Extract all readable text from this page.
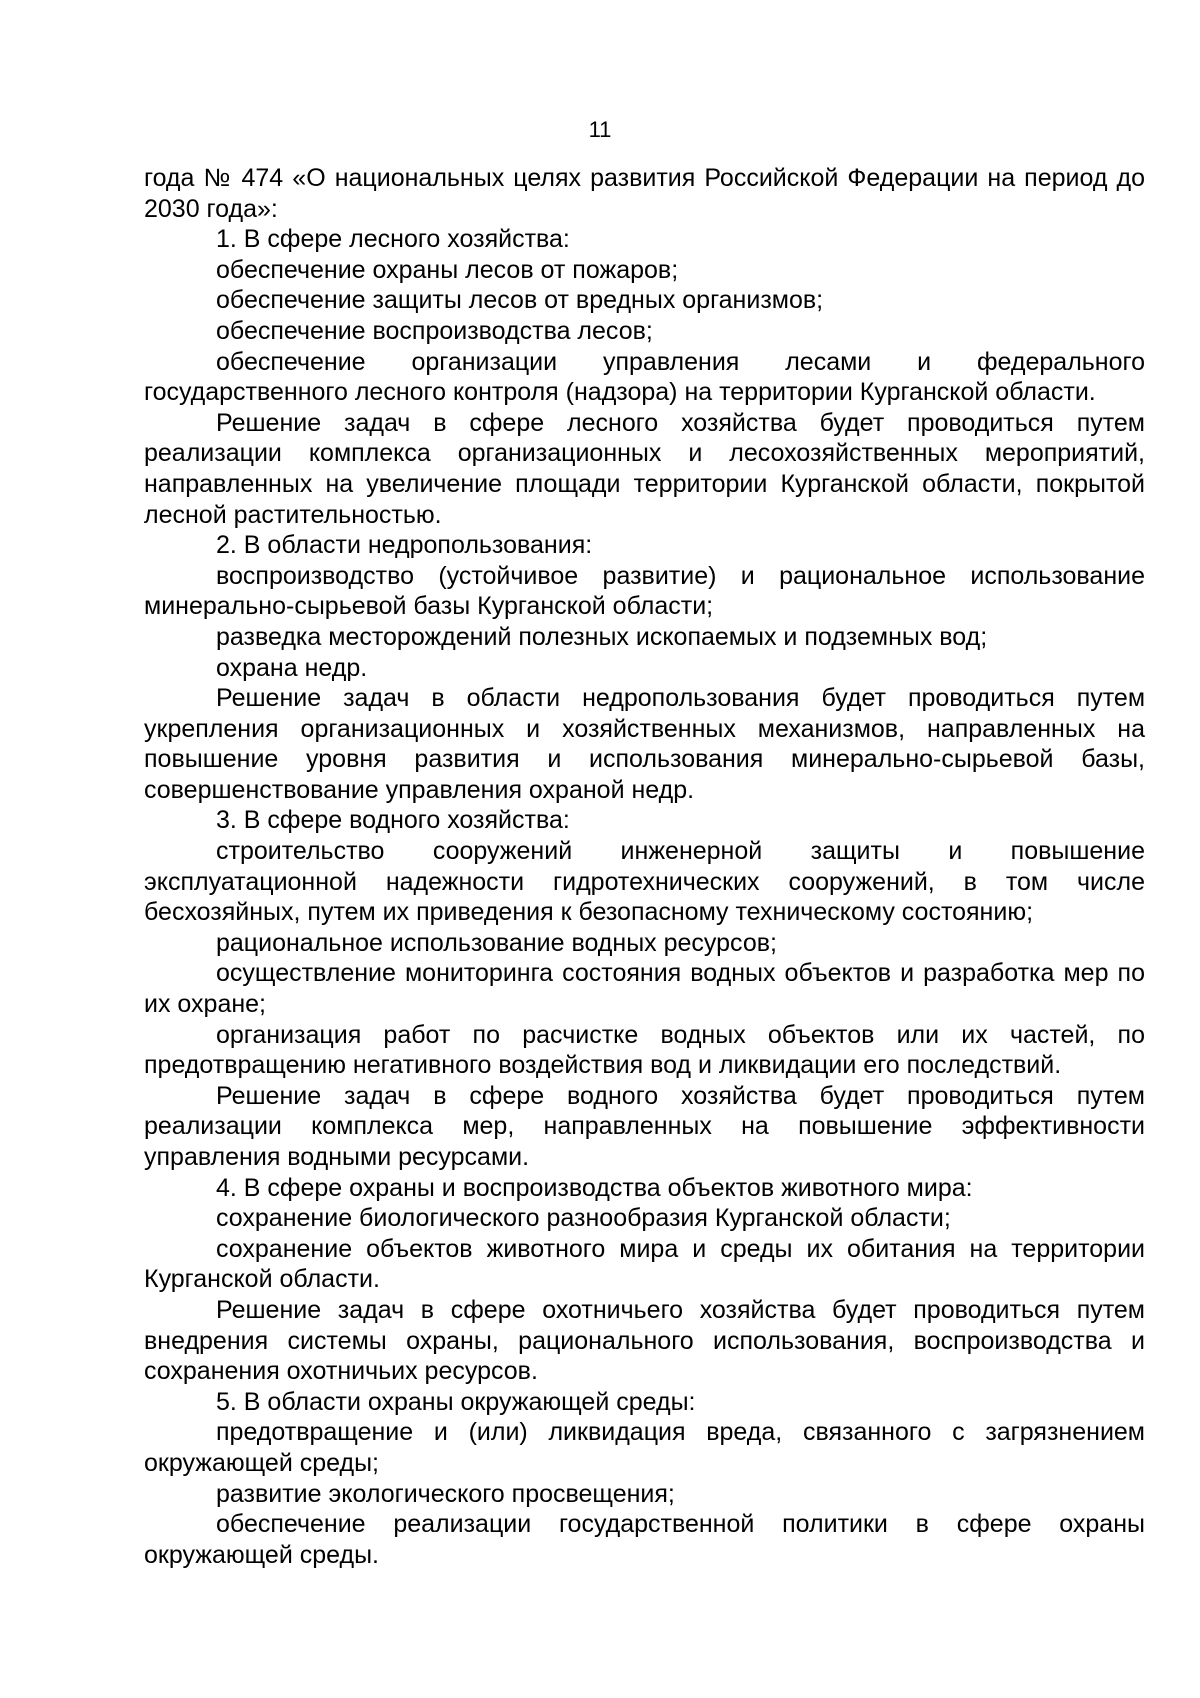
11

года № 474 «О национальных целях развития Российской Федерации на период до 2030 года»:

1. В сфере лесного хозяйства:

обеспечение охраны лесов от пожаров;

обеспечение защиты лесов от вредных организмов;

обеспечение воспроизводства лесов;

обеспечение организации управления лесами и федерального государственного лесного контроля (надзора) на территории Курганской области.

Решение задач в сфере лесного хозяйства будет проводиться путем реализации комплекса организационных и лесохозяйственных мероприятий, направленных на увеличение площади территории Курганской области, покрытой лесной растительностью.

2. В области недропользования:

воспроизводство (устойчивое развитие) и рациональное использование минерально-сырьевой базы Курганской области;

разведка месторождений полезных ископаемых и подземных вод;

охрана недр.

Решение задач в области недропользования будет проводиться путем укрепления организационных и хозяйственных механизмов, направленных на повышение уровня развития и использования минерально-сырьевой базы, совершенствование управления охраной недр.

3. В сфере водного хозяйства:

строительство сооружений инженерной защиты и повышение эксплуатационной надежности гидротехнических сооружений, в том числе бесхозяйных, путем их приведения к безопасному техническому состоянию;

рациональное использование водных ресурсов;

осуществление мониторинга состояния водных объектов и разработка мер по их охране;

организация работ по расчистке водных объектов или их частей, по предотвращению негативного воздействия вод и ликвидации его последствий.

Решение задач в сфере водного хозяйства будет проводиться путем реализации комплекса мер, направленных на повышение эффективности управления водными ресурсами.

4. В сфере охраны и воспроизводства объектов животного мира:

сохранение биологического разнообразия Курганской области;

сохранение объектов животного мира и среды их обитания на территории Курганской области.

Решение задач в сфере охотничьего хозяйства будет проводиться путем внедрения системы охраны, рационального использования, воспроизводства и сохранения охотничьих ресурсов.

5. В области охраны окружающей среды:

предотвращение и (или) ликвидация вреда, связанного с загрязнением окружающей среды;

развитие экологического просвещения;

обеспечение реализации государственной политики в сфере охраны окружающей среды.
